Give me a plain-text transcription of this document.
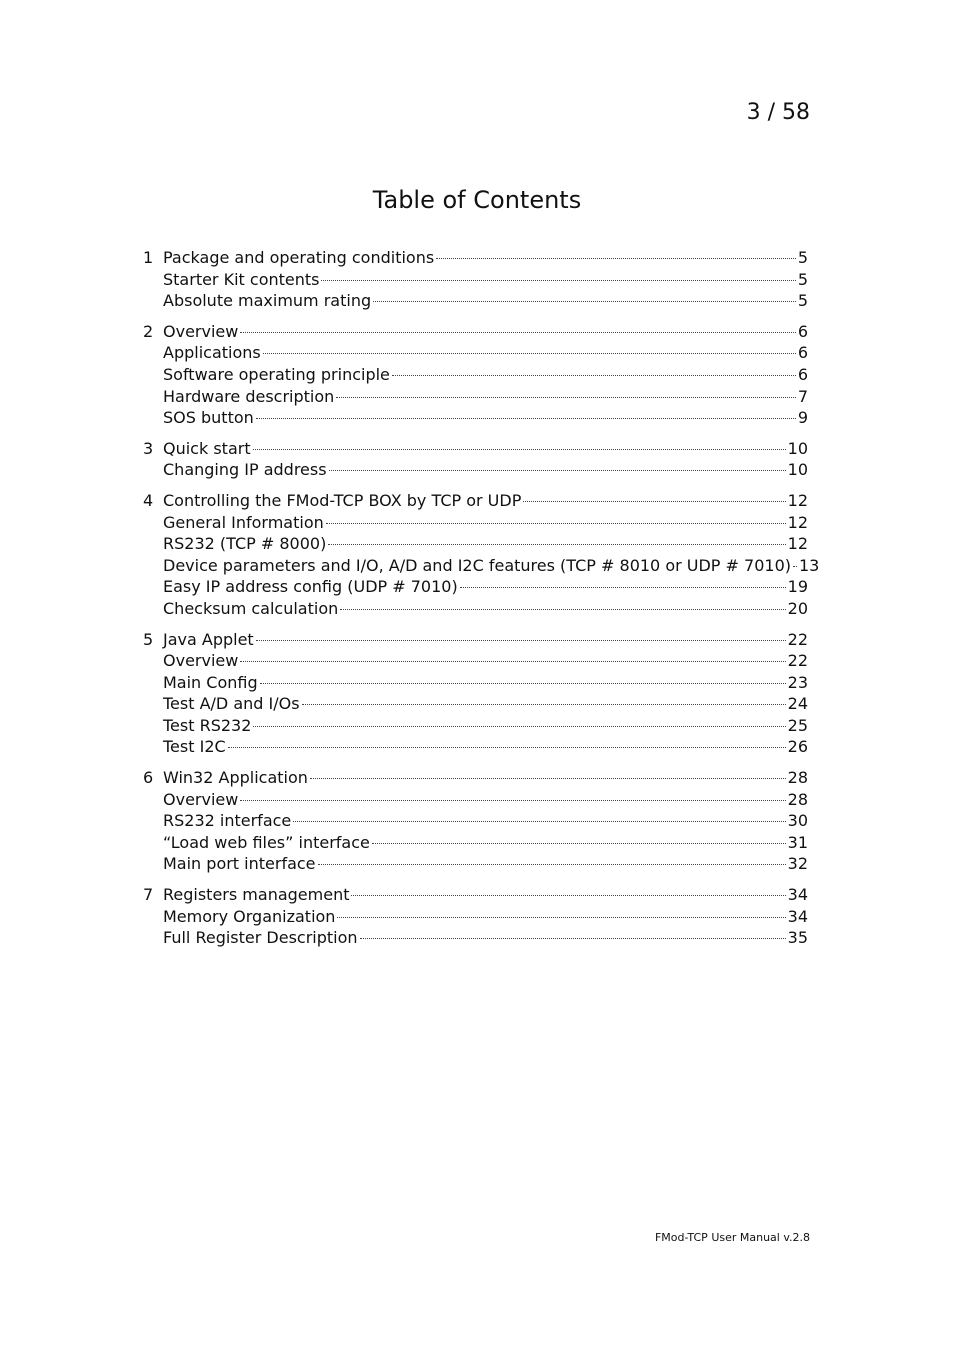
3 / 58
Table of Contents
1 Package and operating conditions	5
Starter Kit contents	5
Absolute maximum rating	5
2 Overview	6
Applications	6
Software operating principle	6
Hardware description	7
SOS button	9
3 Quick start	10
Changing IP address	10
4 Controlling the FMod-TCP BOX by TCP or UDP	12
General Information	12
RS232 (TCP # 8000)	12
Device parameters and I/O, A/D and I2C features (TCP # 8010 or UDP # 7010) 13
Easy IP address config (UDP # 7010)	19
Checksum calculation	20
5 Java Applet	22
Overview	22
Main Config	23
Test A/D and I/Os	24
Test RS232	25
Test I2C	26
6 Win32 Application	28
Overview	28
RS232 interface	30
“Load web files” interface	31
Main port interface	32
7 Registers management	34
Memory Organization	34
Full Register Description	35
FMod-TCP User Manual v.2.8
